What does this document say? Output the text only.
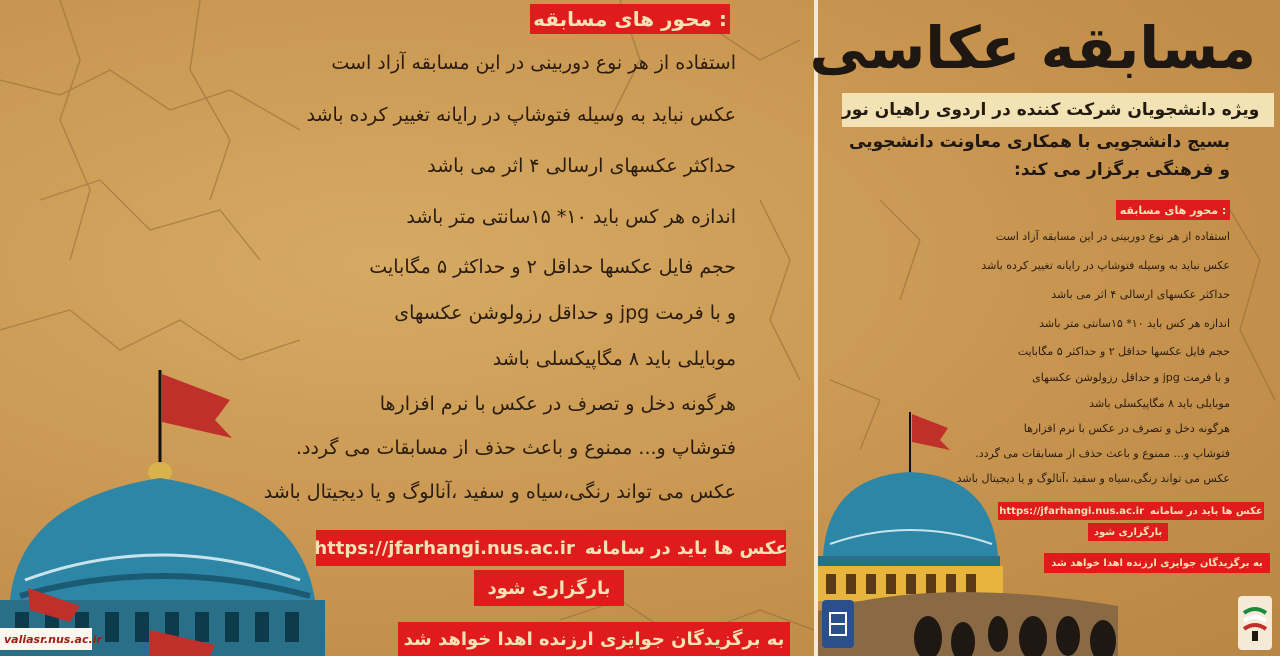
محور های مسابقه :
استفاده از هر نوع دوربینی در این مسابقه آزاد است
عکس نباید به وسیله فتوشاپ در رایانه تغییر کرده باشد
حداکثر عکسهای ارسالی ۴ اثر می باشد
اندازه هر کس باید ۱۰* ۱۵سانتی متر باشد
حجم فایل عکسها حداقل ۲ و حداکثر ۵ مگابایت
و با فرمت jpg و حداقل رزولوشن عکسهای
موبایلی باید ۸ مگاپیکسلی باشد
هرگونه دخل و تصرف در عکس با نرم افزارها
فتوشاپ و... ممنوع و باعث حذف از مسابقات می گردد.
عکس می تواند رنگی،سیاه و سفید ،آنالوگ و یا دیجیتال باشد
عکس ها باید در سامانه
https://jfarhangi.nus.ac.ir
بارگزاری شود
به برگزیدگان جوایزی ارزنده اهدا خواهد شد
valiasr.nus.ac.ir
مسابقه عکاسی
ویژه دانشجویان شرکت کننده در اردوی راهیان نور
بسیج دانشجویی با همکاری معاونت دانشجویی
و فرهنگی برگزار می کند:
محور های مسابقه :
استفاده از هر نوع دوربینی در این مسابقه آزاد است
عکس نباید به وسیله فتوشاپ در رایانه تغییر کرده باشد
حداکثر عکسهای ارسالی ۴ اثر می باشد
اندازه هر کس باید ۱۰* ۱۵سانتی متر باشد
حجم فایل عکسها حداقل ۲ و حداکثر ۵ مگابایت
و با فرمت jpg و حداقل رزولوشن عکسهای
موبایلی باید ۸ مگاپیکسلی باشد
هرگونه دخل و تصرف در عکس با نرم افزارها
فتوشاپ و... ممنوع و باعث حذف از مسابقات می گردد.
عکس می تواند رنگی،سیاه و سفید ،آنالوگ و یا دیجیتال باشد
عکس ها باید در سامانه
https://jfarhangi.nus.ac.ir
بارگزاری شود
به برگزیدگان جوایزی ارزنده اهدا خواهد شد
